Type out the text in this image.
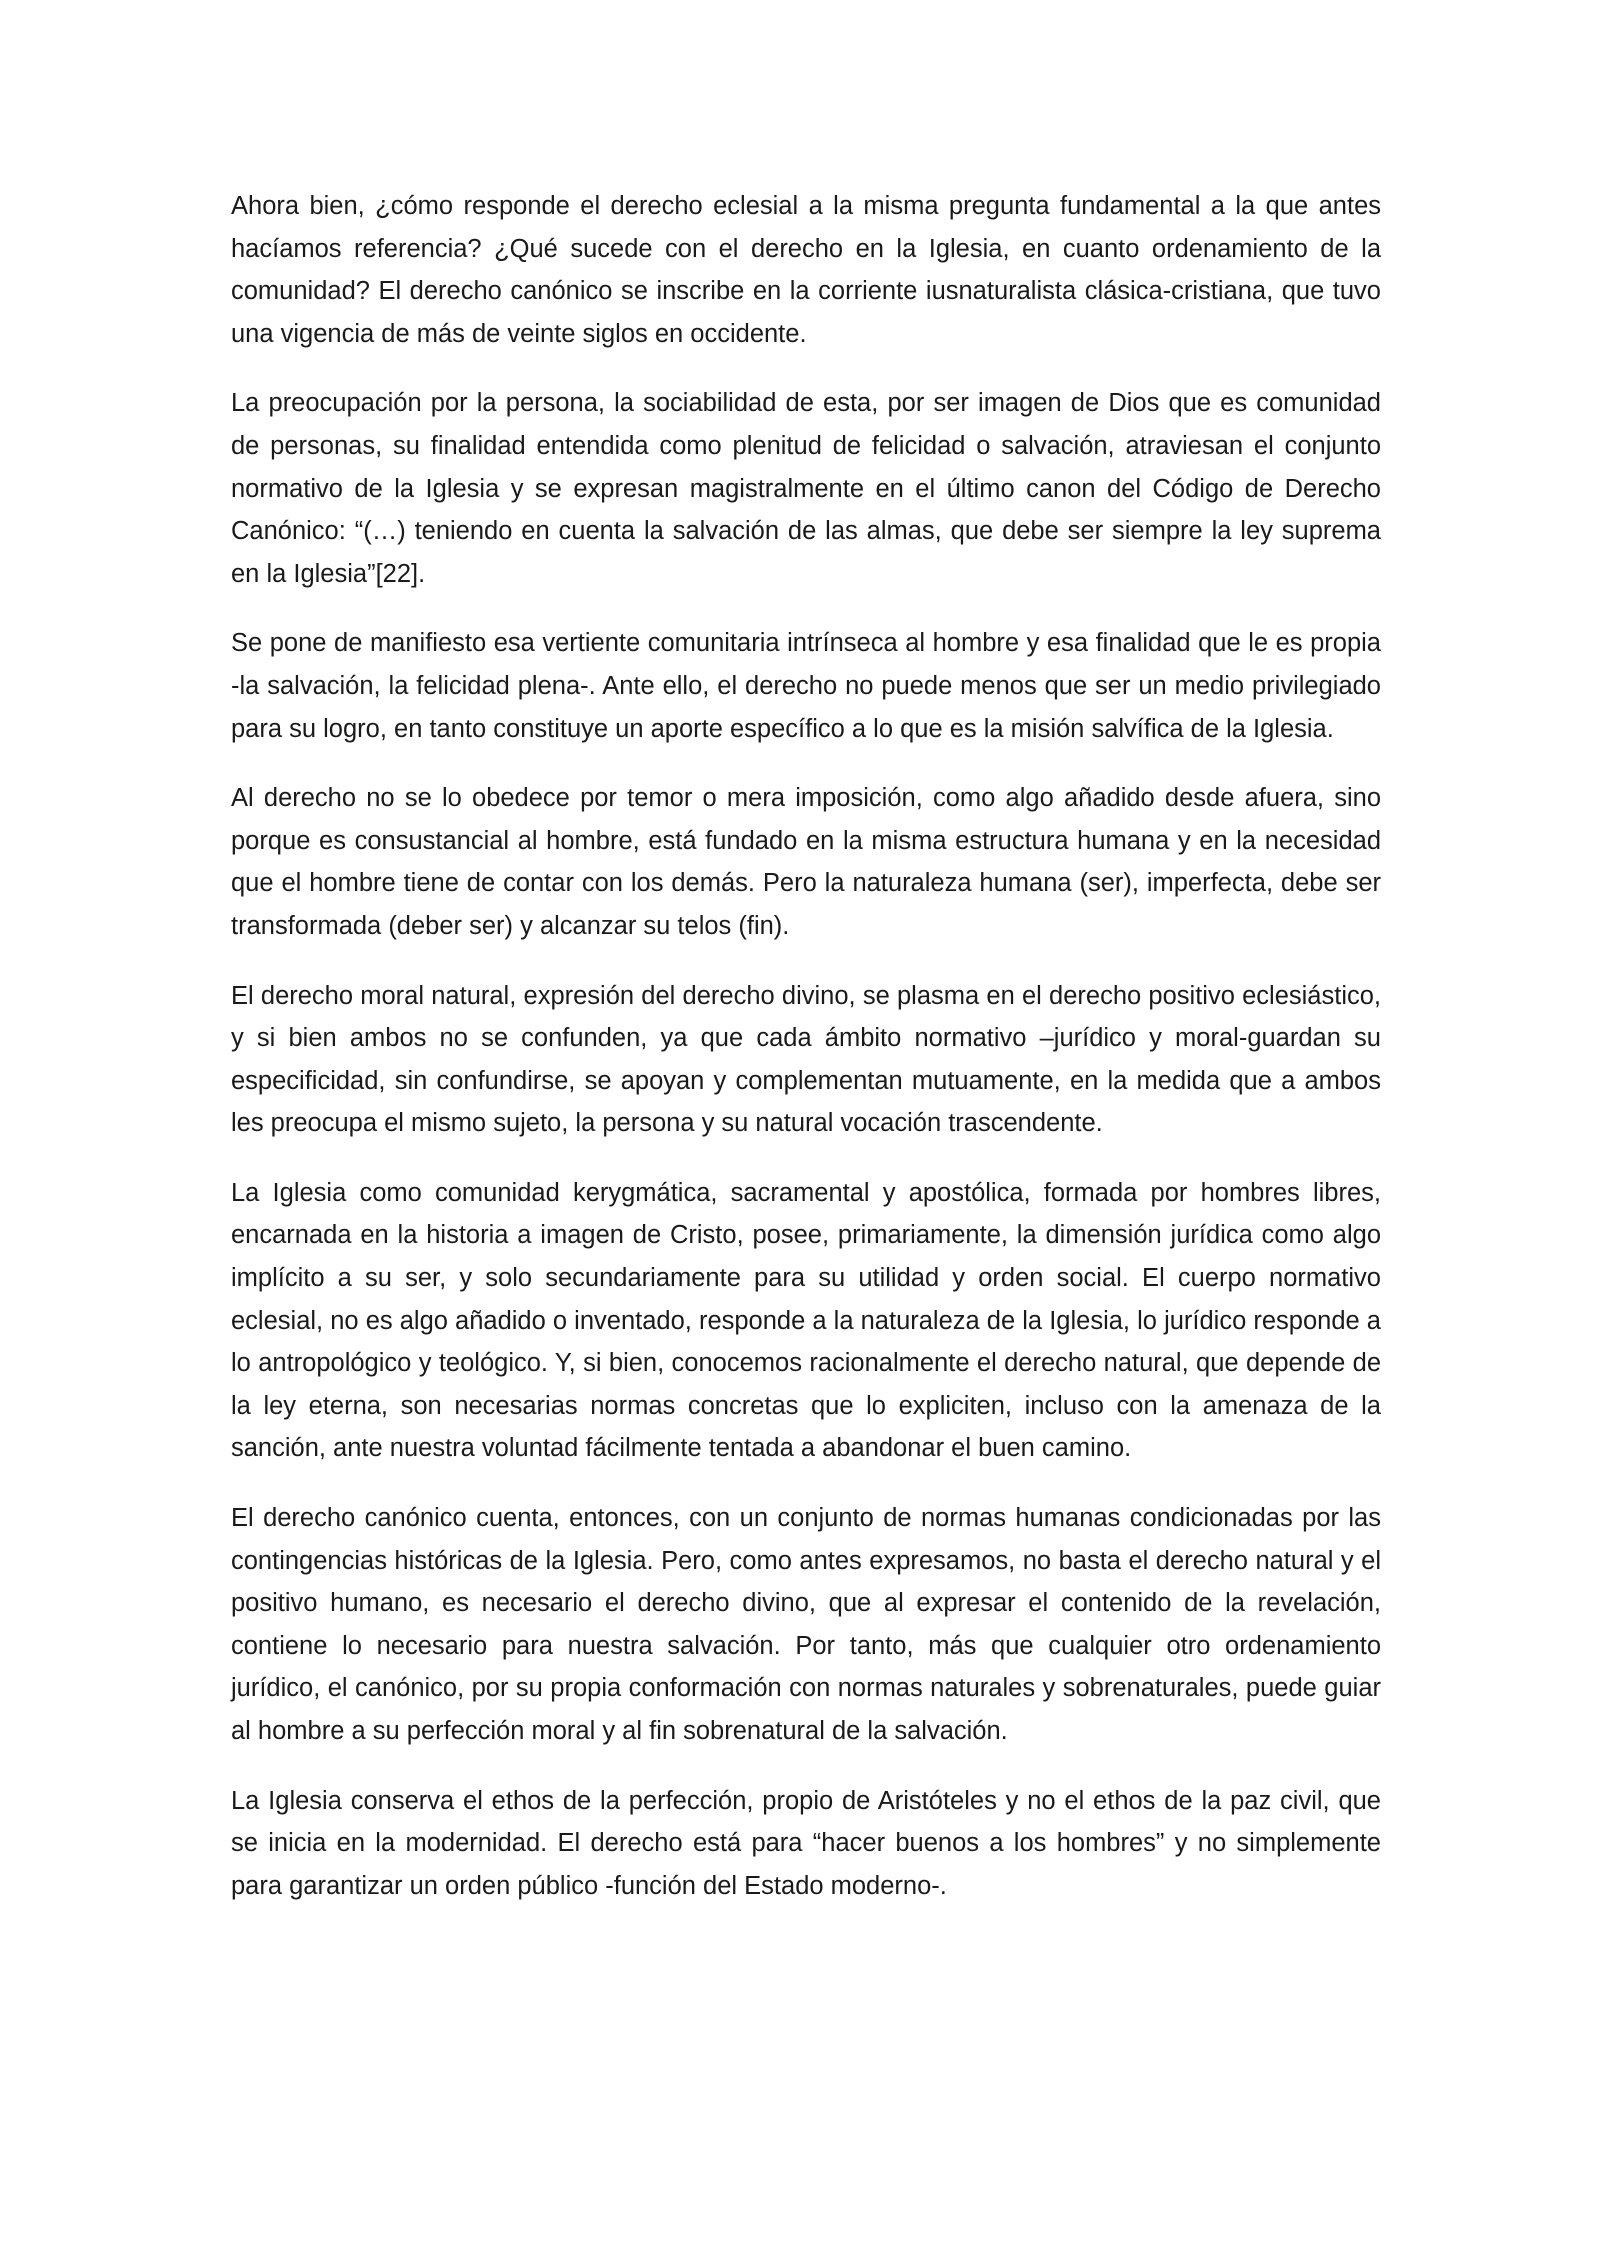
Ahora bien, ¿cómo responde el derecho eclesial a la misma pregunta fundamental a la que antes hacíamos referencia? ¿Qué sucede con el derecho en la Iglesia, en cuanto ordenamiento de la comunidad? El derecho canónico se inscribe en la corriente iusnaturalista clásica-cristiana, que tuvo una vigencia de más de veinte siglos en occidente.

La preocupación por la persona, la sociabilidad de esta, por ser imagen de Dios que es comunidad de personas, su finalidad entendida como plenitud de felicidad o salvación, atraviesan el conjunto normativo de la Iglesia y se expresan magistralmente en el último canon del Código de Derecho Canónico: “(…) teniendo en cuenta la salvación de las almas, que debe ser siempre la ley suprema en la Iglesia”[22].

Se pone de manifiesto esa vertiente comunitaria intrínseca al hombre y esa finalidad que le es propia -la salvación, la felicidad plena-. Ante ello, el derecho no puede menos que ser un medio privilegiado para su logro, en tanto constituye un aporte específico a lo que es la misión salvífica de la Iglesia.

Al derecho no se lo obedece por temor o mera imposición, como algo añadido desde afuera, sino porque es consustancial al hombre, está fundado en la misma estructura humana y en la necesidad que el hombre tiene de contar con los demás. Pero la naturaleza humana (ser), imperfecta, debe ser transformada (deber ser) y alcanzar su telos (fin).

El derecho moral natural, expresión del derecho divino, se plasma en el derecho positivo eclesiástico, y si bien ambos no se confunden, ya que cada ámbito normativo –jurídico y moral-guardan su especificidad, sin confundirse, se apoyan y complementan mutuamente, en la medida que a ambos les preocupa el mismo sujeto, la persona y su natural vocación trascendente.

La Iglesia como comunidad kerygmática, sacramental y apostólica, formada por hombres libres, encarnada en la historia a imagen de Cristo, posee, primariamente, la dimensión jurídica como algo implícito a su ser, y solo secundariamente para su utilidad y orden social. El cuerpo normativo eclesial, no es algo añadido o inventado, responde a la naturaleza de la Iglesia, lo jurídico responde a lo antropológico y teológico. Y, si bien, conocemos racionalmente el derecho natural, que depende de la ley eterna, son necesarias normas concretas que lo expliciten, incluso con la amenaza de la sanción, ante nuestra voluntad fácilmente tentada a abandonar el buen camino.

El derecho canónico cuenta, entonces, con un conjunto de normas humanas condicionadas por las contingencias históricas de la Iglesia. Pero, como antes expresamos, no basta el derecho natural y el positivo humano, es necesario el derecho divino, que al expresar el contenido de la revelación, contiene lo necesario para nuestra salvación. Por tanto, más que cualquier otro ordenamiento jurídico, el canónico, por su propia conformación con normas naturales y sobrenaturales, puede guiar al hombre a su perfección moral y al fin sobrenatural de la salvación.

La Iglesia conserva el ethos de la perfección, propio de Aristóteles y no el ethos de la paz civil, que se inicia en la modernidad. El derecho está para “hacer buenos a los hombres” y no simplemente para garantizar un orden público -función del Estado moderno-.
